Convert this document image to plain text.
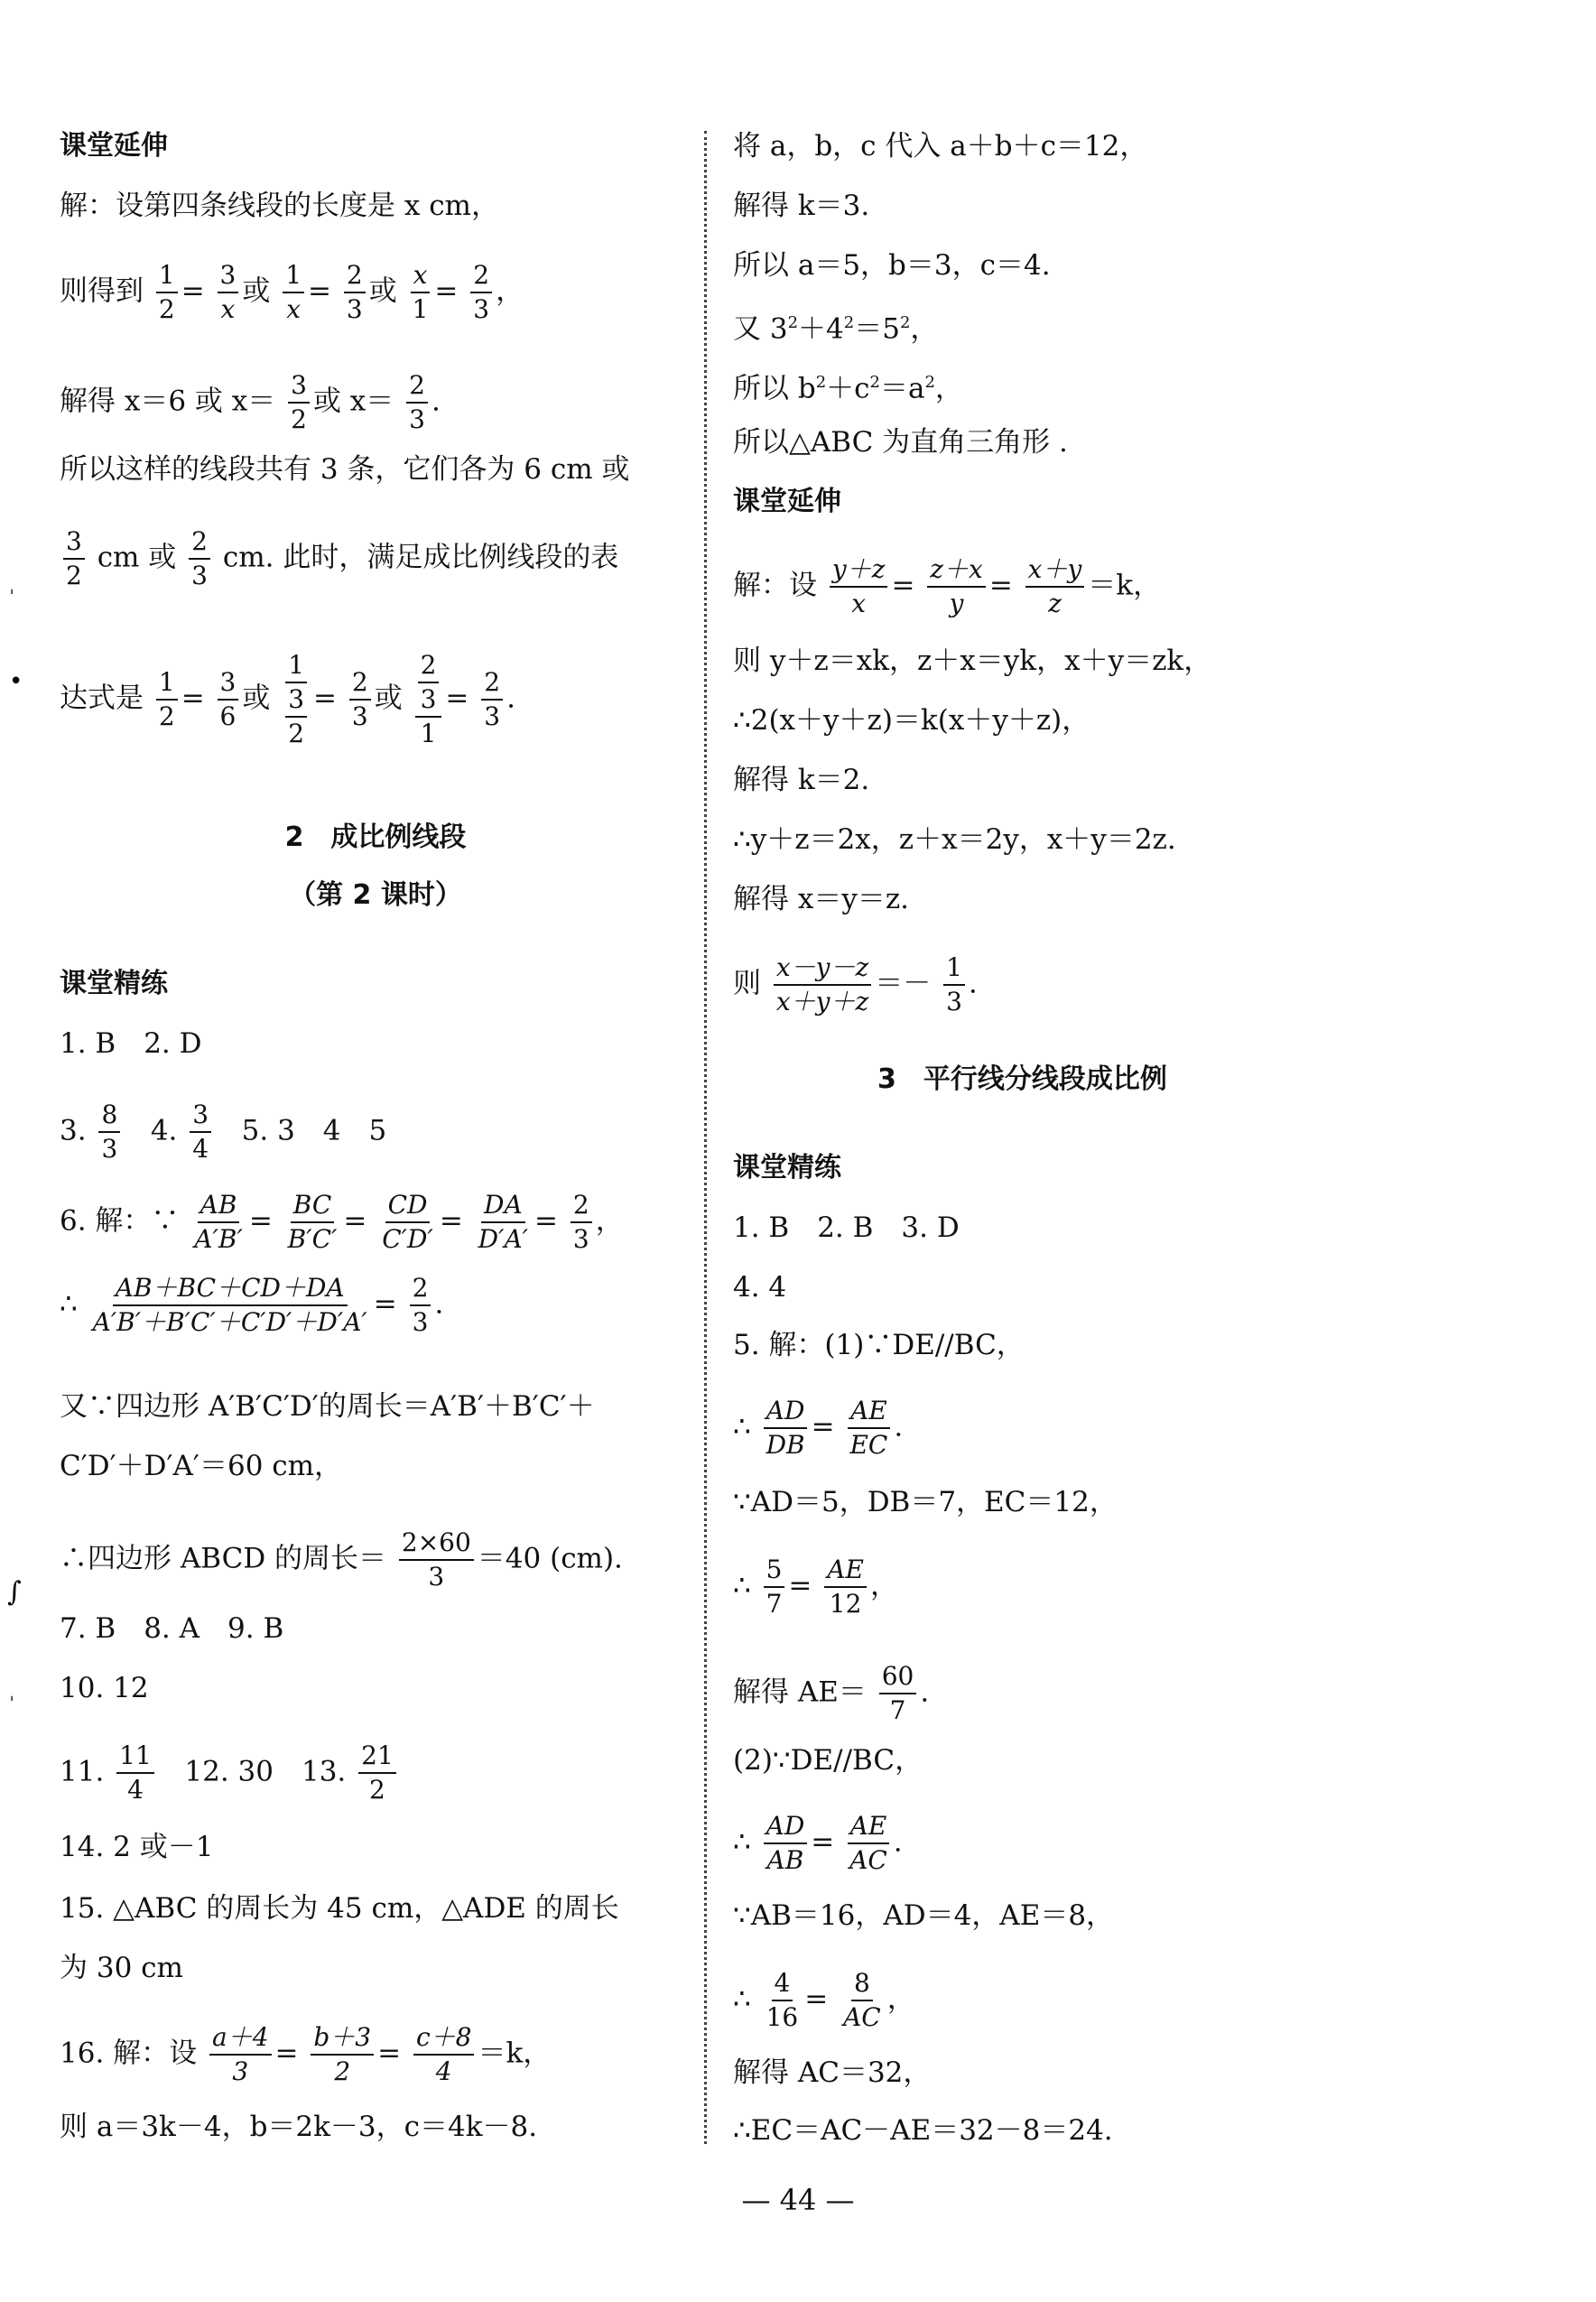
课堂延伸
解：设第四条线段的长度是 x cm，
则得到 $\frac{1}{2} = \frac{3}{x}$ 或 $\frac{1}{x} = \frac{2}{3}$ 或 $\frac{x}{1} = \frac{2}{3}$ ，
解得 x＝6 或 $x= \frac{3}{2}$ 或 $x= \frac{2}{3}$ .
所以这样的线段共有 3 条，它们各为 6 cm 或
$\frac{3}{2}$ cm 或 $\frac{2}{3}$ cm. 此时，满足成比例线段的表
达式是 $\frac{1}{2} = \frac{3}{6}$ 或 $\frac{1}{\frac{3}{2}} = \frac{2}{3}$ 或 $\frac{\frac{2}{3}}{1} = \frac{2}{3}$ .
2　成比例线段
（第 2 课时）
课堂精练
1. B　2. D
3. $\frac{8}{3} 4$. $\frac{3}{4} 5$. 3　4　5
6. 解：∵ $\frac{AB}{A'B'} = \frac{BC}{B'C'} = \frac{CD}{C'D'} = \frac{DA}{D'A'} = \frac{2}{3}$ ，
∴ $\frac{AB+BC+CD+DA}{A'B'+B'C'+C'D'+D'A'} = \frac{2}{3}$ .
又∵四边形 A′B′C′D′的周长＝A′B′＋B′C′＋
C′D′＋D′A′＝60 cm，
∴四边形 ABCD 的周长＝ $\frac{2\times 60}{3} =40$ (cm).
7. B　8. A　9. B
10. 12
11. $\frac{11}{4} 12$. 30　13. $\frac{21}{2}$
14. 2 或－1
15. △ABC 的周长为 45 cm，△ADE 的周长
为 30 cm
16. 解：设 $\frac{a+4}{3} = \frac{b+3}{2} = \frac{c+8}{4} =k$，
则 a＝3k－4，b＝2k－3，c＝4k－8.
将 a，b，c 代入 a＋b＋c＝12，
解得 k＝3.
所以 a＝5，b＝3，c＝4.
又 $3^2+4^2=5^2$，
所以 $b^2+c^2=a^2$，
所以△ABC 为直角三角形 .
课堂延伸
解：设 $\frac{y+z}{x} = \frac{z+x}{y} = \frac{x+y}{z} =k$，
则 y＋z＝xk，z＋x＝yk，x＋y＝zk，
∴2(x＋y＋z)＝k(x＋y＋z)，
解得 k＝2.
∴y＋z＝2x，z＋x＝2y，x＋y＝2z.
解得 x＝y＝z.
则 $\frac{x-y-z}{x+y+z} =- \frac{1}{3}$ .
3　平行线分线段成比例
课堂精练
1. B　2. B　3. D
4. 4
5. 解：(1)∵DE//BC，
∴ $\frac{AD}{DB} = \frac{AE}{EC}$ .
∵AD＝5，DB＝7，EC＝12，
∴ $\frac{5}{7} = \frac{AE}{12}$ ，
解得 $AE= \frac{60}{7}$ .
(2)∵DE//BC，
∴ $\frac{AD}{AB} = \frac{AE}{AC}$ .
∵AB＝16，AD＝4，AE＝8，
∴ $\frac{4}{16} = \frac{8}{AC}$ ，
解得 AC＝32，
∴EC＝AC－AE＝32－8＝24.
— 44 —
ˌ
•
∫
ˌ
